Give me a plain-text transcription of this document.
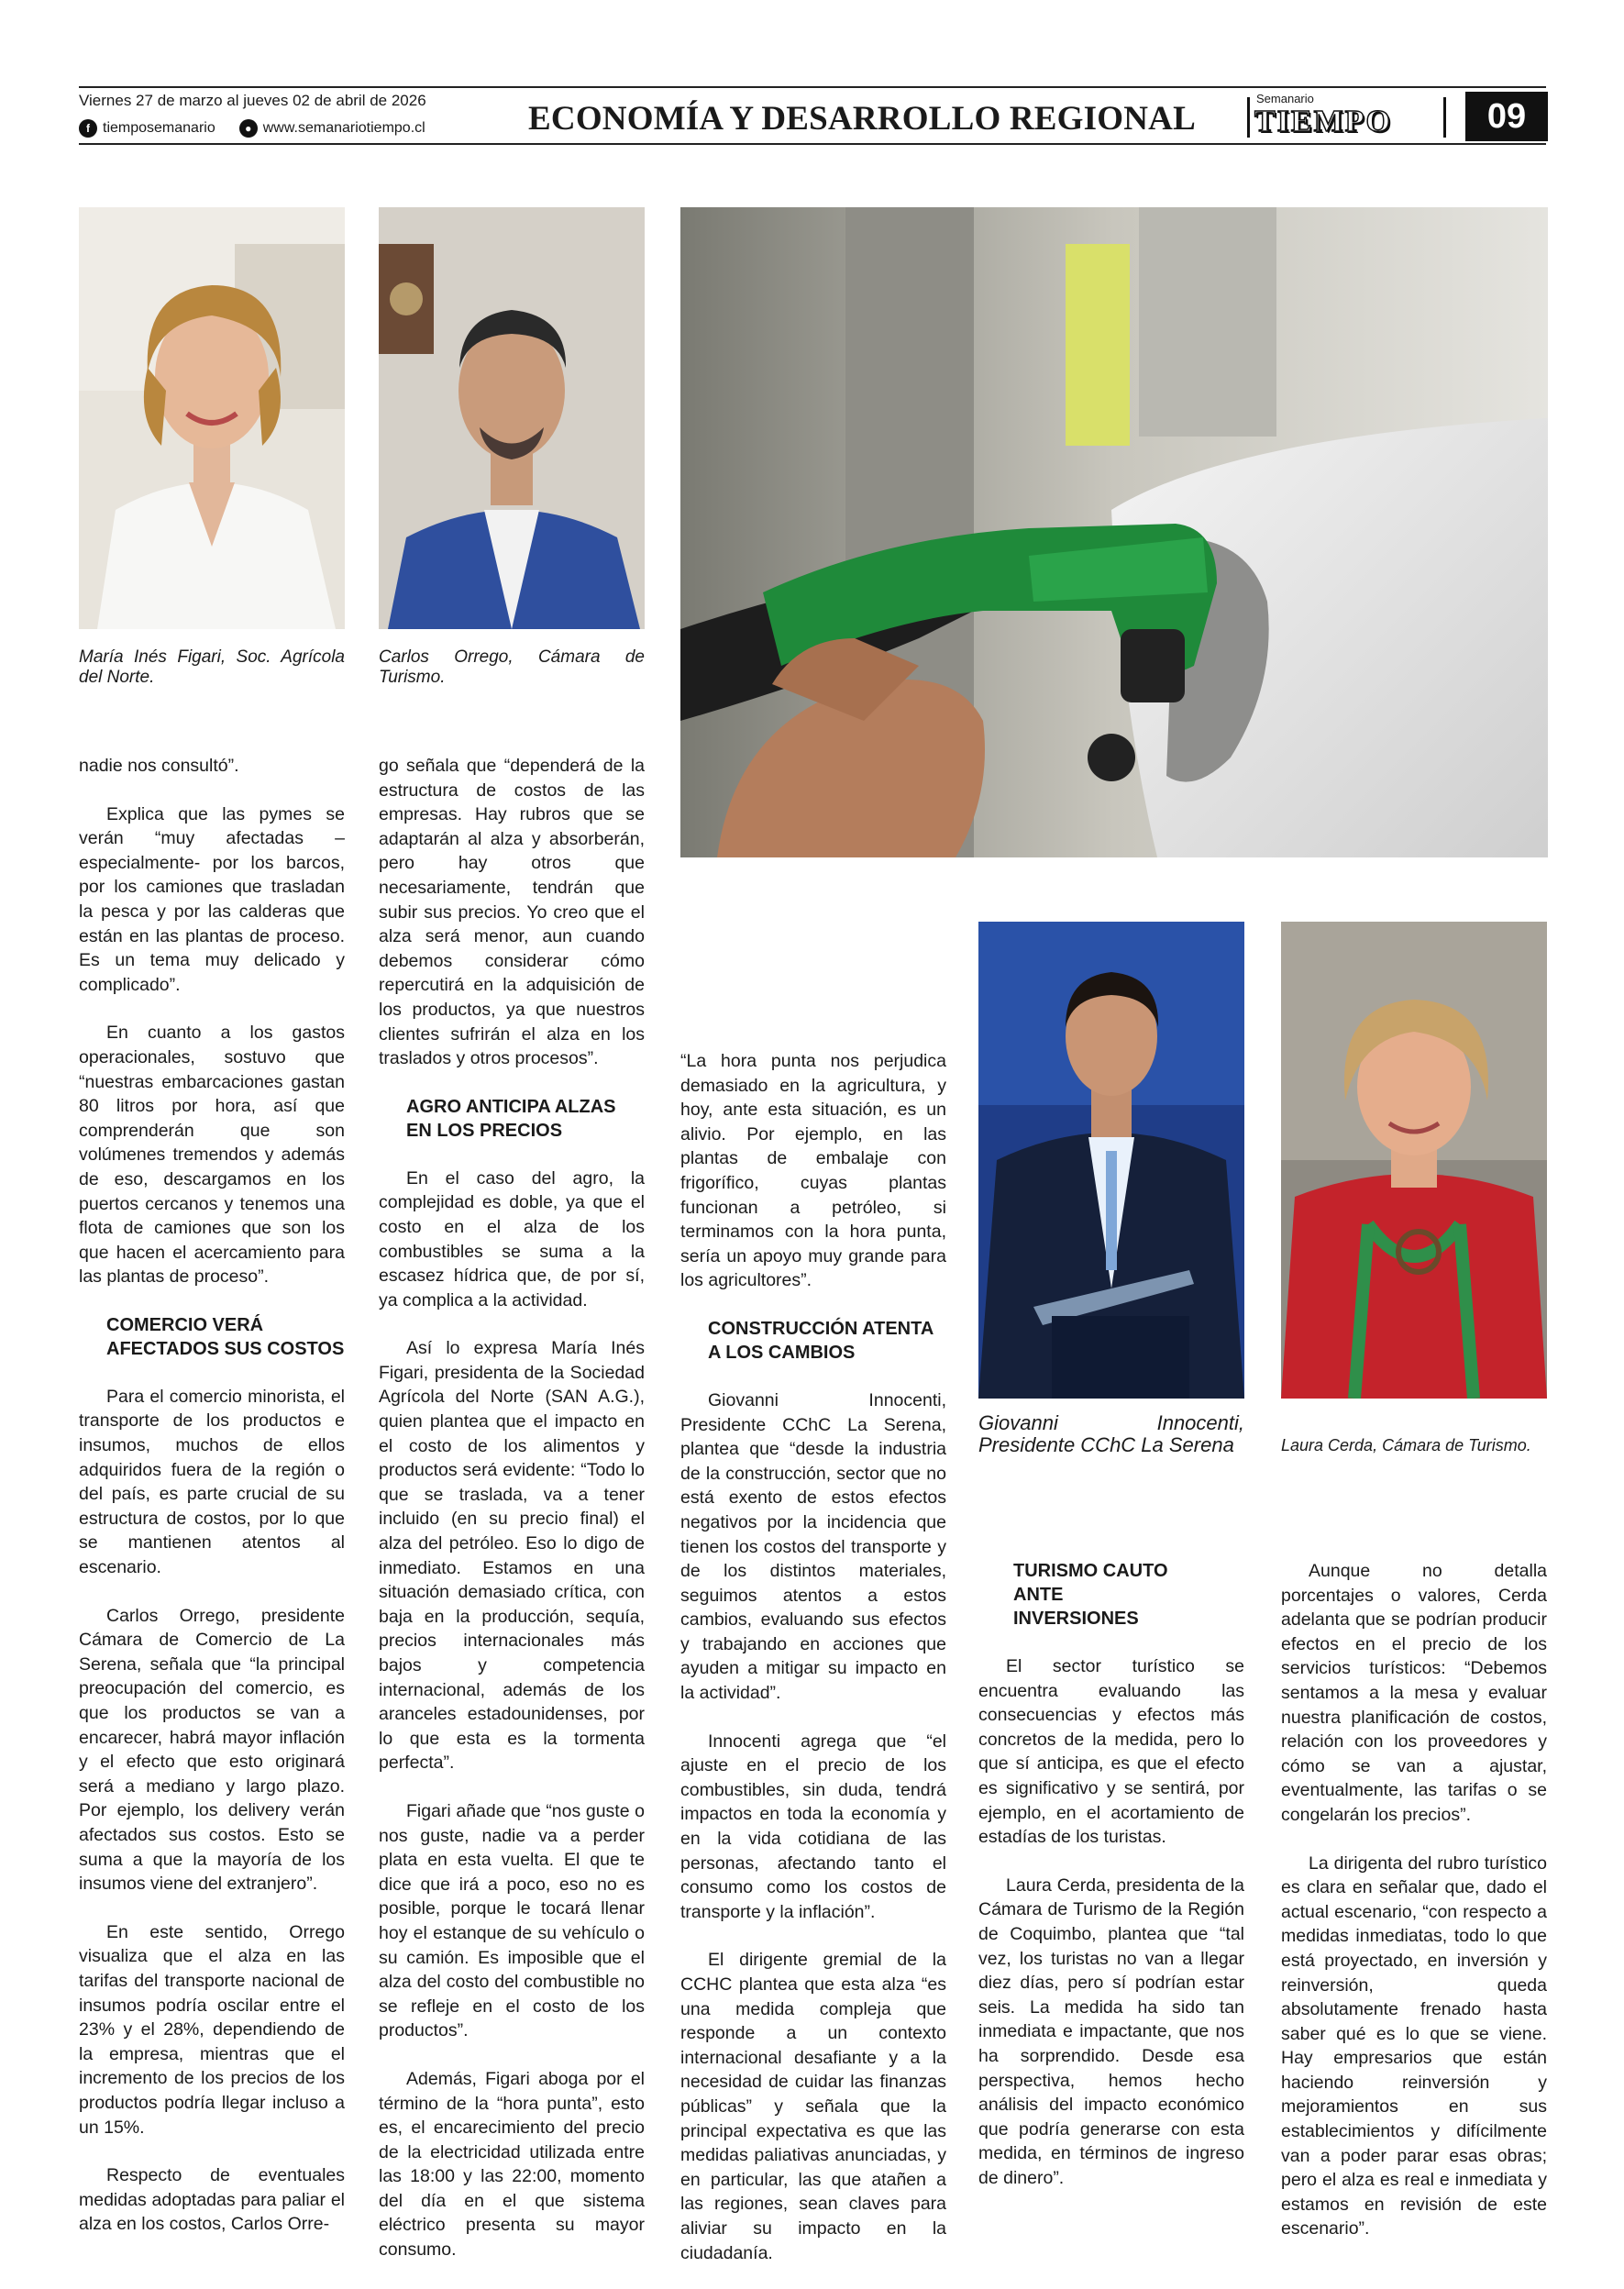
Viernes 27 de marzo al jueves 02 de abril de 2026
f tiemposemanario	● www.semanariotiempo.cl	ECONOMÍA Y DESARROLLO REGIONAL
Semanario
TIEMPO	09
María Inés Figari, Soc. Agrícola del Norte.
Carlos Orrego, Cámara de Turismo.
Giovanni Innocenti, Presidente CChC La Serena	Laura Cerda, Cámara de Turismo.

nadie nos consultó”.

Explica que las pymes se verán “muy afectadas –especialmente- por los barcos, por los camiones que trasladan la pesca y por las calderas que están en las plantas de proceso. Es un tema muy delicado y complicado”.

En cuanto a los gastos operacionales, sostuvo que “nuestras embarcaciones gastan 80 litros por hora, así que comprenderán que son volúmenes tremendos y además de eso, descargamos en los puertos cercanos y tenemos una flota de camiones que son los que hacen el acercamiento para las plantas de proceso”.

COMERCIO VERÁ AFECTADOS SUS COSTOS

Para el comercio minorista, el transporte de los productos e insumos, muchos de ellos adquiridos fuera de la región o del país, es parte crucial de su estructura de costos, por lo que se mantienen atentos al escenario.

Carlos Orrego, presidente Cámara de Comercio de La Serena, señala que “la principal preocupación del comercio, es que los productos se van a encarecer, habrá mayor inflación y el efecto que esto originará será a mediano y largo plazo. Por ejemplo, los delivery verán afectados sus costos. Esto se suma a que la mayoría de los insumos viene del extranjero”.

En este sentido, Orrego visualiza que el alza en las tarifas del transporte nacional de insumos podría oscilar entre el 23% y el 28%, dependiendo de la empresa, mientras que el incremento de los precios de los productos podría llegar incluso a un 15%.

Respecto de eventuales medidas adoptadas para paliar el alza en los costos, Carlos Orre-

go señala que “dependerá de la estructura de costos de las empresas. Hay rubros que se adaptarán al alza y absorberán, pero hay otros que necesariamente, tendrán que subir sus precios. Yo creo que el alza será menor, aun cuando debemos considerar cómo repercutirá en la adquisición de los productos, ya que nuestros clientes sufrirán el alza en los traslados y otros procesos”.

AGRO ANTICIPA ALZAS EN LOS PRECIOS

En el caso del agro, la complejidad es doble, ya que el costo en el alza de los combustibles se suma a la escasez hídrica que, de por sí, ya complica a la actividad.

Así lo expresa María Inés Figari, presidenta de la Sociedad Agrícola del Norte (SAN A.G.), quien plantea que el impacto en el costo de los alimentos y productos será evidente: “Todo lo que se traslada, va a tener incluido (en su precio final) el alza del petróleo. Eso lo digo de inmediato. Estamos en una situación demasiado crítica, con baja en la producción, sequía, precios internacionales más bajos y competencia internacional, además de los aranceles estadounidenses, por lo que esta es la tormenta perfecta”.

Figari añade que “nos guste o nos guste, nadie va a perder plata en esta vuelta. El que te dice que irá a poco, eso no es posible, porque le tocará llenar hoy el estanque de su vehículo o su camión. Es imposible que el alza del costo del combustible no se refleje en el costo de los productos”.

Además, Figari aboga por el término de la “hora punta”, esto es, el encarecimiento del precio de la electricidad utilizada entre las 18:00 y las 22:00, momento del día en el que sistema eléctrico presenta su mayor consumo.

“La hora punta nos perjudica demasiado en la agricultura, y hoy, ante esta situación, es un alivio. Por ejemplo, en las plantas de embalaje con frigorífico, cuyas plantas funcionan a petróleo, si terminamos con la hora punta, sería un apoyo muy grande para los agricultores”.

CONSTRUCCIÓN ATENTA A LOS CAMBIOS

Giovanni Innocenti, Presidente CChC La Serena, plantea que “desde la industria de la construcción, sector que no está exento de estos efectos negativos por la incidencia que tienen los costos del transporte y de los distintos materiales, seguimos atentos a estos cambios, evaluando sus efectos y trabajando en acciones que ayuden a mitigar su impacto en la actividad”.

Innocenti agrega que “el ajuste en el precio de los combustibles, sin duda, tendrá impactos en toda la economía y en la vida cotidiana de las personas, afectando tanto el consumo como los costos de transporte y la inflación”.

El dirigente gremial de la CCHC plantea que esta alza “es una medida compleja que responde a un contexto internacional desafiante y a la necesidad de cuidar las finanzas públicas” y señala que la principal expectativa es que las medidas paliativas anunciadas, y en particular, las que atañen a las regiones, sean claves para aliviar su impacto en la ciudadanía.

TURISMO CAUTO ANTE INVERSIONES

El sector turístico se encuentra evaluando las consecuencias y efectos más concretos de la medida, pero lo que sí anticipa, es que el efecto es significativo y se sentirá, por ejemplo, en el acortamiento de estadías de los turistas.

Laura Cerda, presidenta de la Cámara de Turismo de la Región de Coquimbo, plantea que “tal vez, los turistas no van a llegar diez días, pero sí podrían estar seis. La medida ha sido tan inmediata e impactante, que nos ha sorprendido. Desde esa perspectiva, hemos hecho análisis del impacto económico que podría generarse con esta medida, en términos de ingreso de dinero”.

Aunque no detalla porcentajes o valores, Cerda adelanta que se podrían producir efectos en el precio de los servicios turísticos: “Debemos sentamos a la mesa y evaluar nuestra planificación de costos, relación con los proveedores y cómo se van a ajustar, eventualmente, las tarifas o se congelarán los precios”.

La dirigenta del rubro turístico es clara en señalar que, dado el actual escenario, “con respecto a medidas inmediatas, todo lo que está proyectado, en inversión y reinversión, queda absolutamente frenado hasta saber qué es lo que se viene. Hay empresarios que están haciendo reinversión y mejoramientos en sus establecimientos y difícilmente van a poder parar esas obras; pero el alza es real e inmediata y estamos en revisión de este escenario”.
